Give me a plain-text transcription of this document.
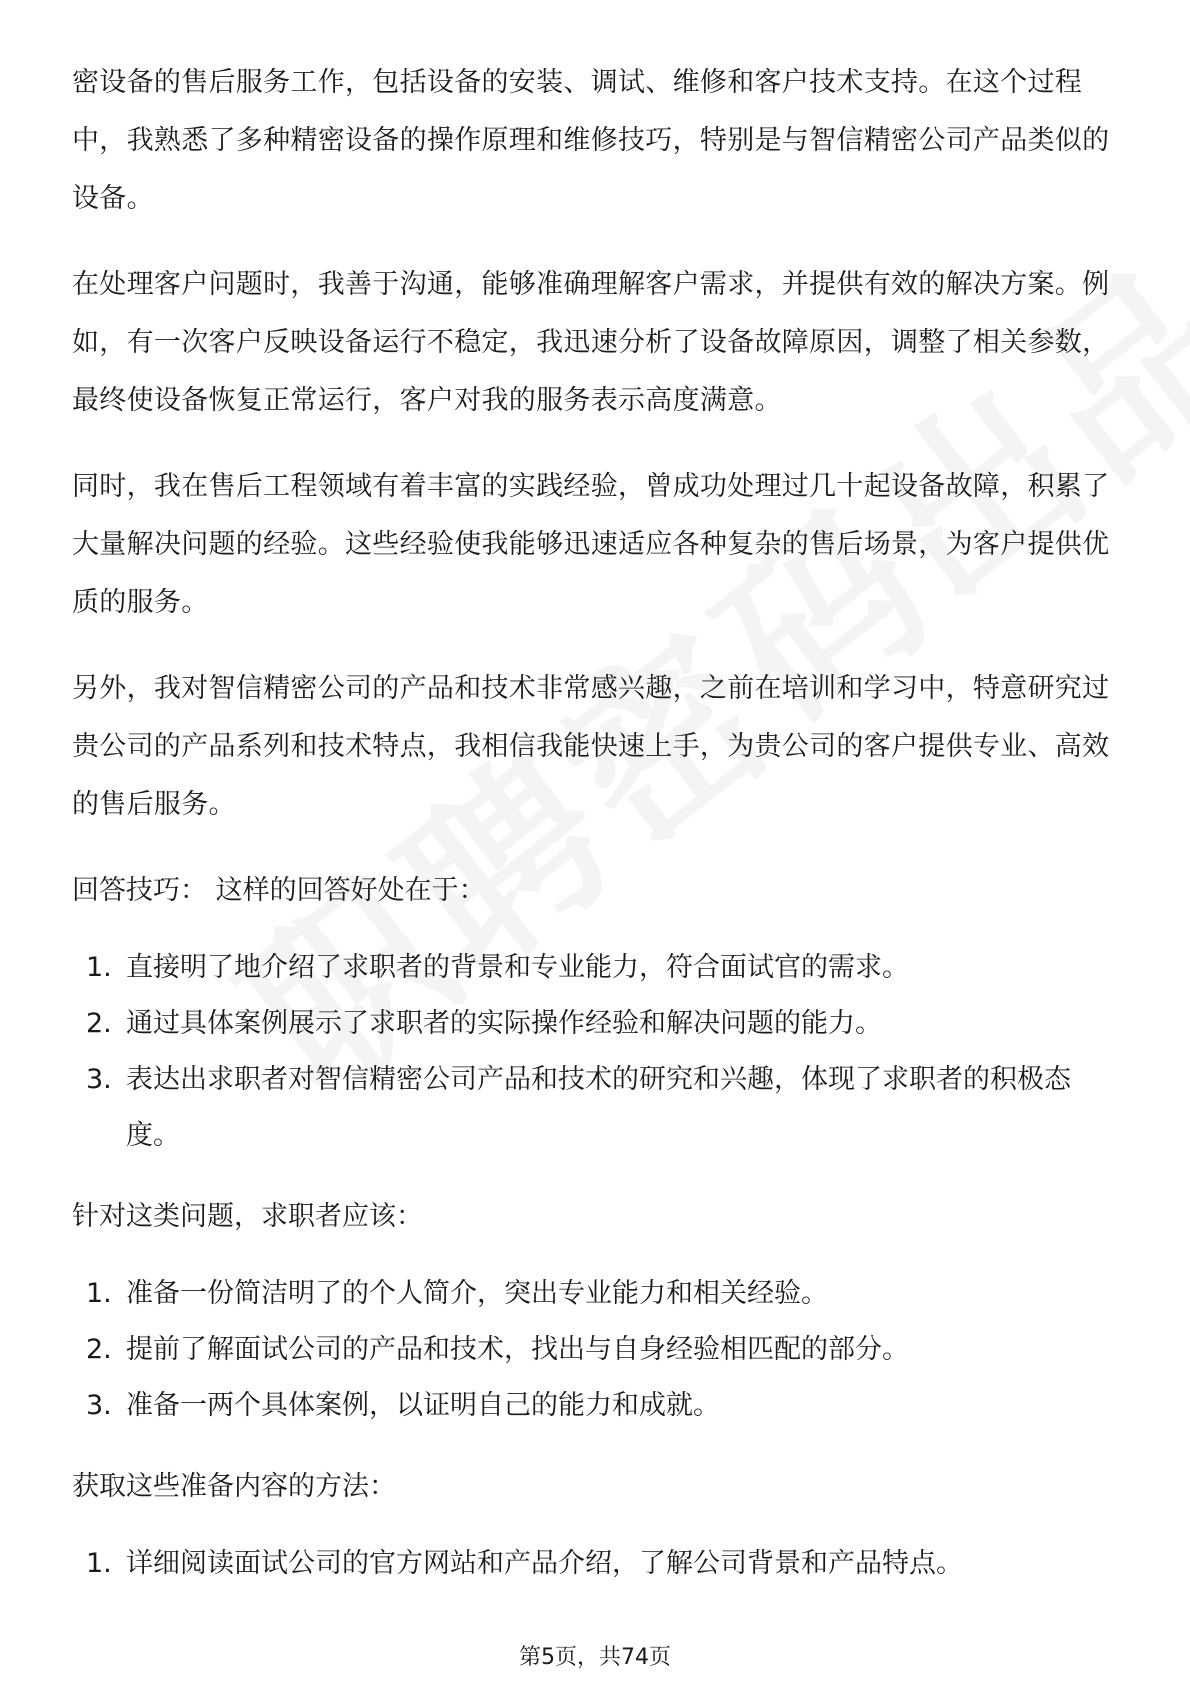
密设备的售后服务工作，包括设备的安装、调试、维修和客户技术支持。在这个过程中，我熟悉了多种精密设备的操作原理和维修技巧，特别是与智信精密公司产品类似的设备。

在处理客户问题时，我善于沟通，能够准确理解客户需求，并提供有效的解决方案。例如，有一次客户反映设备运行不稳定，我迅速分析了设备故障原因，调整了相关参数，最终使设备恢复正常运行，客户对我的服务表示高度满意。

同时，我在售后工程领域有着丰富的实践经验，曾成功处理过几十起设备故障，积累了大量解决问题的经验。这些经验使我能够迅速适应各种复杂的售后场景，为客户提供优质的服务。

另外，我对智信精密公司的产品和技术非常感兴趣，之前在培训和学习中，特意研究过贵公司的产品系列和技术特点，我相信我能快速上手，为贵公司的客户提供专业、高效的售后服务。

回答技巧： 这样的回答好处在于：
1. 直接明了地介绍了求职者的背景和专业能力，符合面试官的需求。
2. 通过具体案例展示了求职者的实际操作经验和解决问题的能力。
3. 表达出求职者对智信精密公司产品和技术的研究和兴趣，体现了求职者的积极态度。
针对这类问题，求职者应该：
1. 准备一份简洁明了的个人简介，突出专业能力和相关经验。
2. 提前了解面试公司的产品和技术，找出与自身经验相匹配的部分。
3. 准备一两个具体案例，以证明自己的能力和成就。
获取这些准备内容的方法：
1. 详细阅读面试公司的官方网站和产品介绍，了解公司背景和产品特点。
第5页，共74页
